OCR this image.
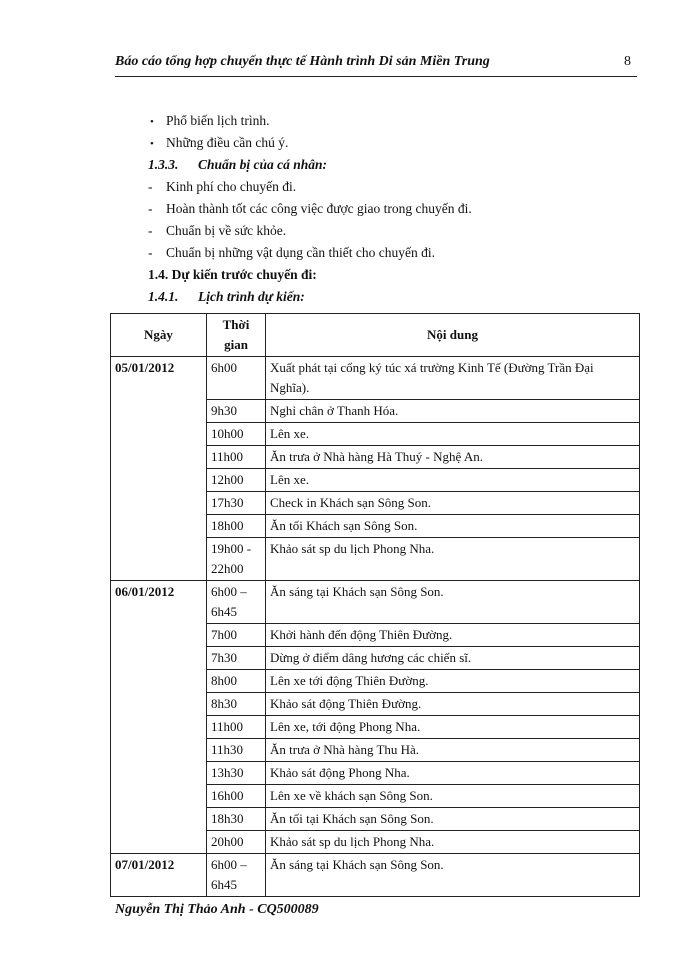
Báo cáo tổng hợp chuyến thực tế Hành trình Di sản Miền Trung	8
• Phổ biến lịch trình.
• Những điều cần chú ý.
1.3.3. Chuẩn bị của cá nhân:
- Kinh phí cho chuyến đi.
- Hoàn thành tốt các công việc được giao trong chuyến đi.
- Chuẩn bị về sức khỏe.
- Chuẩn bị những vật dụng cần thiết cho chuyến đi.
1.4. Dự kiến trước chuyến đi:
1.4.1. Lịch trình dự kiến:
Ngày	Thời gian	Nội dung
05/01/2012	6h00	Xuất phát tại cổng ký túc xá trường Kinh Tế (Đường Trần Đại Nghĩa).
	9h30	Nghỉ chân ở Thanh Hóa.
	10h00	Lên xe.
	11h00	Ăn trưa ở Nhà hàng Hà Thuý - Nghệ An.
	12h00	Lên xe.
	17h30	Check in Khách sạn Sông Son.
	18h00	Ăn tối Khách sạn Sông Son.
	19h00 - 22h00	Khảo sát sp du lịch Phong Nha.
06/01/2012	6h00 – 6h45	Ăn sáng tại Khách sạn Sông Son.
	7h00	Khởi hành đến động Thiên Đường.
	7h30	Dừng ở điểm dâng hương các chiến sĩ.
	8h00	Lên xe tới động Thiên Đường.
	8h30	Khảo sát động Thiên Đường.
	11h00	Lên xe, tới động Phong Nha.
	11h30	Ăn trưa ở Nhà hàng Thu Hà.
	13h30	Khảo sát động Phong Nha.
	16h00	Lên xe về khách sạn Sông Son.
	18h30	Ăn tối tại Khách sạn Sông Son.
	20h00	Khảo sát sp du lịch Phong Nha.
07/01/2012	6h00 – 6h45	Ăn sáng tại Khách sạn Sông Son.
Nguyễn Thị Thảo Anh - CQ500089
